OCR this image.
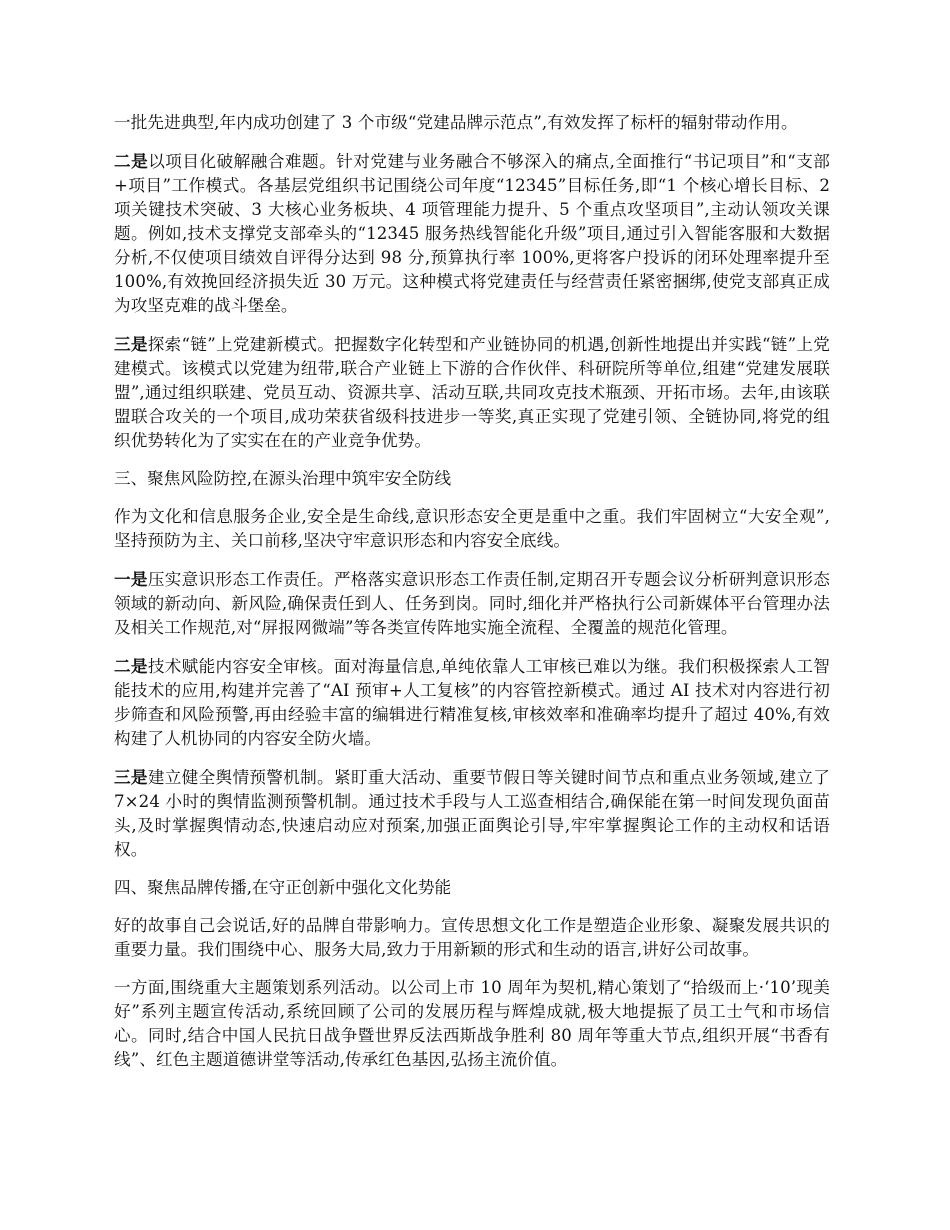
一批先进典型,年内成功创建了 3 个市级“党建品牌示范点”,有效发挥了标杆的辐射带动作用。

二是以项目化破解融合难题。针对党建与业务融合不够深入的痛点,全面推行“书记项目”和“支部+项目”工作模式。各基层党组织书记围绕公司年度“12345”目标任务,即“1 个核心增长目标、2 项关键技术突破、3 大核心业务板块、4 项管理能力提升、5 个重点攻坚项目”,主动认领攻关课题。例如,技术支撑党支部牵头的“12345 服务热线智能化升级”项目,通过引入智能客服和大数据分析,不仅使项目绩效自评得分达到 98 分,预算执行率 100%,更将客户投诉的闭环处理率提升至 100%,有效挽回经济损失近 30 万元。这种模式将党建责任与经营责任紧密捆绑,使党支部真正成为攻坚克难的战斗堡垒。

三是探索“链”上党建新模式。把握数字化转型和产业链协同的机遇,创新性地提出并实践“链”上党建模式。该模式以党建为纽带,联合产业链上下游的合作伙伴、科研院所等单位,组建“党建发展联盟”,通过组织联建、党员互动、资源共享、活动互联,共同攻克技术瓶颈、开拓市场。去年,由该联盟联合攻关的一个项目,成功荣获省级科技进步一等奖,真正实现了党建引领、全链协同,将党的组织优势转化为了实实在在的产业竞争优势。

三、聚焦风险防控,在源头治理中筑牢安全防线

作为文化和信息服务企业,安全是生命线,意识形态安全更是重中之重。我们牢固树立“大安全观”,坚持预防为主、关口前移,坚决守牢意识形态和内容安全底线。

一是压实意识形态工作责任。严格落实意识形态工作责任制,定期召开专题会议分析研判意识形态领域的新动向、新风险,确保责任到人、任务到岗。同时,细化并严格执行公司新媒体平台管理办法及相关工作规范,对“屏报网微端”等各类宣传阵地实施全流程、全覆盖的规范化管理。

二是技术赋能内容安全审核。面对海量信息,单纯依靠人工审核已难以为继。我们积极探索人工智能技术的应用,构建并完善了“AI 预审+人工复核”的内容管控新模式。通过 AI 技术对内容进行初步筛查和风险预警,再由经验丰富的编辑进行精准复核,审核效率和准确率均提升了超过 40%,有效构建了人机协同的内容安全防火墙。

三是建立健全舆情预警机制。紧盯重大活动、重要节假日等关键时间节点和重点业务领域,建立了 7×24 小时的舆情监测预警机制。通过技术手段与人工巡查相结合,确保能在第一时间发现负面苗头,及时掌握舆情动态,快速启动应对预案,加强正面舆论引导,牢牢掌握舆论工作的主动权和话语权。

四、聚焦品牌传播,在守正创新中强化文化势能

好的故事自己会说话,好的品牌自带影响力。宣传思想文化工作是塑造企业形象、凝聚发展共识的重要力量。我们围绕中心、服务大局,致力于用新颖的形式和生动的语言,讲好公司故事。

一方面,围绕重大主题策划系列活动。以公司上市 10 周年为契机,精心策划了“拾级而上·‘10’现美好”系列主题宣传活动,系统回顾了公司的发展历程与辉煌成就,极大地提振了员工士气和市场信心。同时,结合中国人民抗日战争暨世界反法西斯战争胜利 80 周年等重大节点,组织开展“书香有线”、红色主题道德讲堂等活动,传承红色基因,弘扬主流价值。
